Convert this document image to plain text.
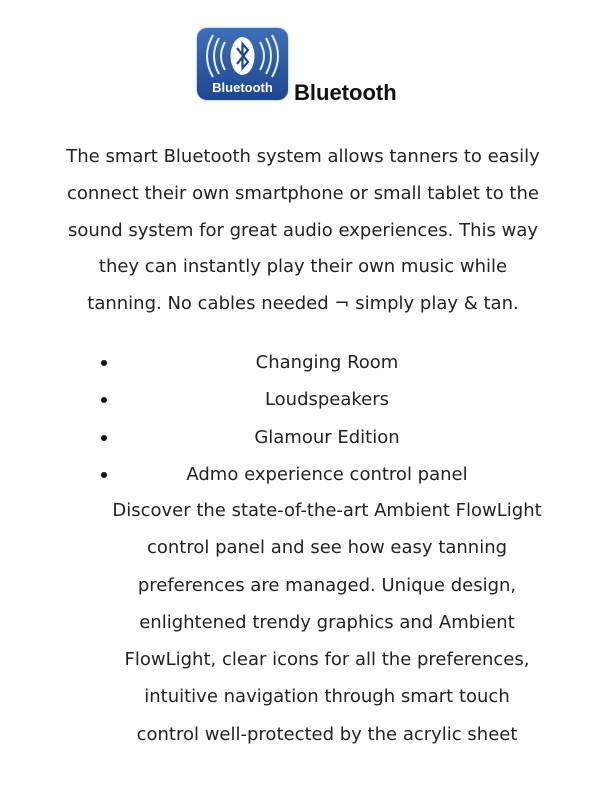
Bluetooth Bluetooth

The smart Bluetooth system allows tanners to easily connect their own smartphone or small tablet to the sound system for great audio experiences. This way they can instantly play their own music while tanning. No cables needed ¬ simply play & tan.

Changing Room
Loudspeakers
Glamour Edition
Admo experience control panel

Discover the state-of-the-art Ambient FlowLight control panel and see how easy tanning preferences are managed. Unique design, enlightened trendy graphics and Ambient FlowLight, clear icons for all the preferences, intuitive navigation through smart touch control well-protected by the acrylic sheet
